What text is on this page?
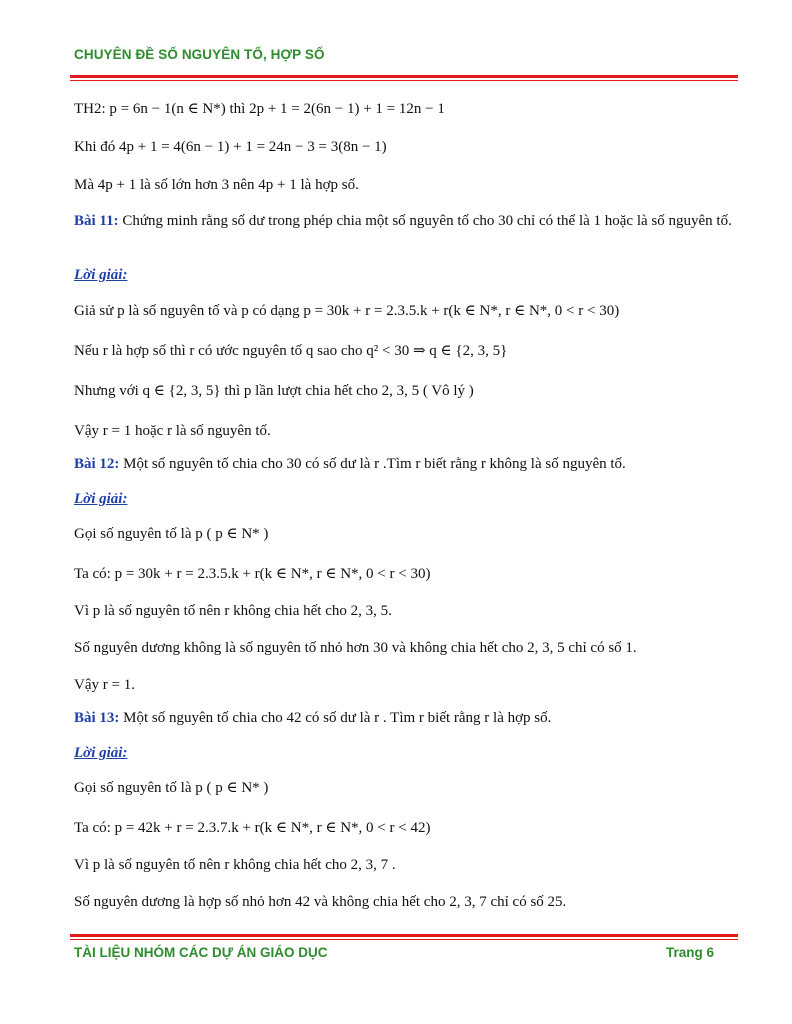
CHUYÊN ĐỀ SỐ NGUYÊN TỐ, HỢP SỐ
TH2: p = 6n − 1(n ∈ N*) thì 2p + 1 = 2(6n − 1) + 1 = 12n − 1
Khi đó 4p + 1 = 4(6n − 1) + 1 = 24n − 3 = 3(8n − 1)
Mà 4p + 1 là số lớn hơn 3 nên 4p + 1 là hợp số.
Bài 11: Chứng minh rằng số dư trong phép chia một số nguyên tố cho 30 chỉ có thể là 1 hoặc là số nguyên tố.
Lời giải:
Giả sử p là số nguyên tố và p có dạng p = 30k + r = 2.3.5.k + r(k ∈ N*, r ∈ N*, 0 < r < 30)
Nếu r là hợp số thì r có ước nguyên tố q sao cho q² < 30 ⇒ q ∈ {2, 3, 5}
Nhưng với q ∈ {2, 3, 5} thì p lần lượt chia hết cho 2, 3, 5 ( Vô lý )
Vậy r = 1 hoặc r là số nguyên tố.
Bài 12: Một số nguyên tố chia cho 30 có số dư là r .Tìm r biết rằng r không là số nguyên tố.
Lời giải:
Gọi số nguyên tố là p ( p ∈ N* )
Ta có: p = 30k + r = 2.3.5.k + r(k ∈ N*, r ∈ N*, 0 < r < 30)
Vì p là số nguyên tố nên r không chia hết cho 2, 3, 5.
Số nguyên dương không là số nguyên tố nhỏ hơn 30 và không chia hết cho 2, 3, 5 chỉ có số 1.
Vậy r = 1.
Bài 13: Một số nguyên tố chia cho 42 có số dư là r . Tìm r biết rằng r là hợp số.
Lời giải:
Gọi số nguyên tố là p ( p ∈ N* )
Ta có: p = 42k + r = 2.3.7.k + r(k ∈ N*, r ∈ N*, 0 < r < 42)
Vì p là số nguyên tố nên r không chia hết cho 2, 3, 7 .
Số nguyên dương là hợp số nhỏ hơn 42 và không chia hết cho 2, 3, 7 chỉ có số 25.
TÀI LIỆU NHÓM CÁC DỰ ÁN GIÁO DỤC	Trang 6
